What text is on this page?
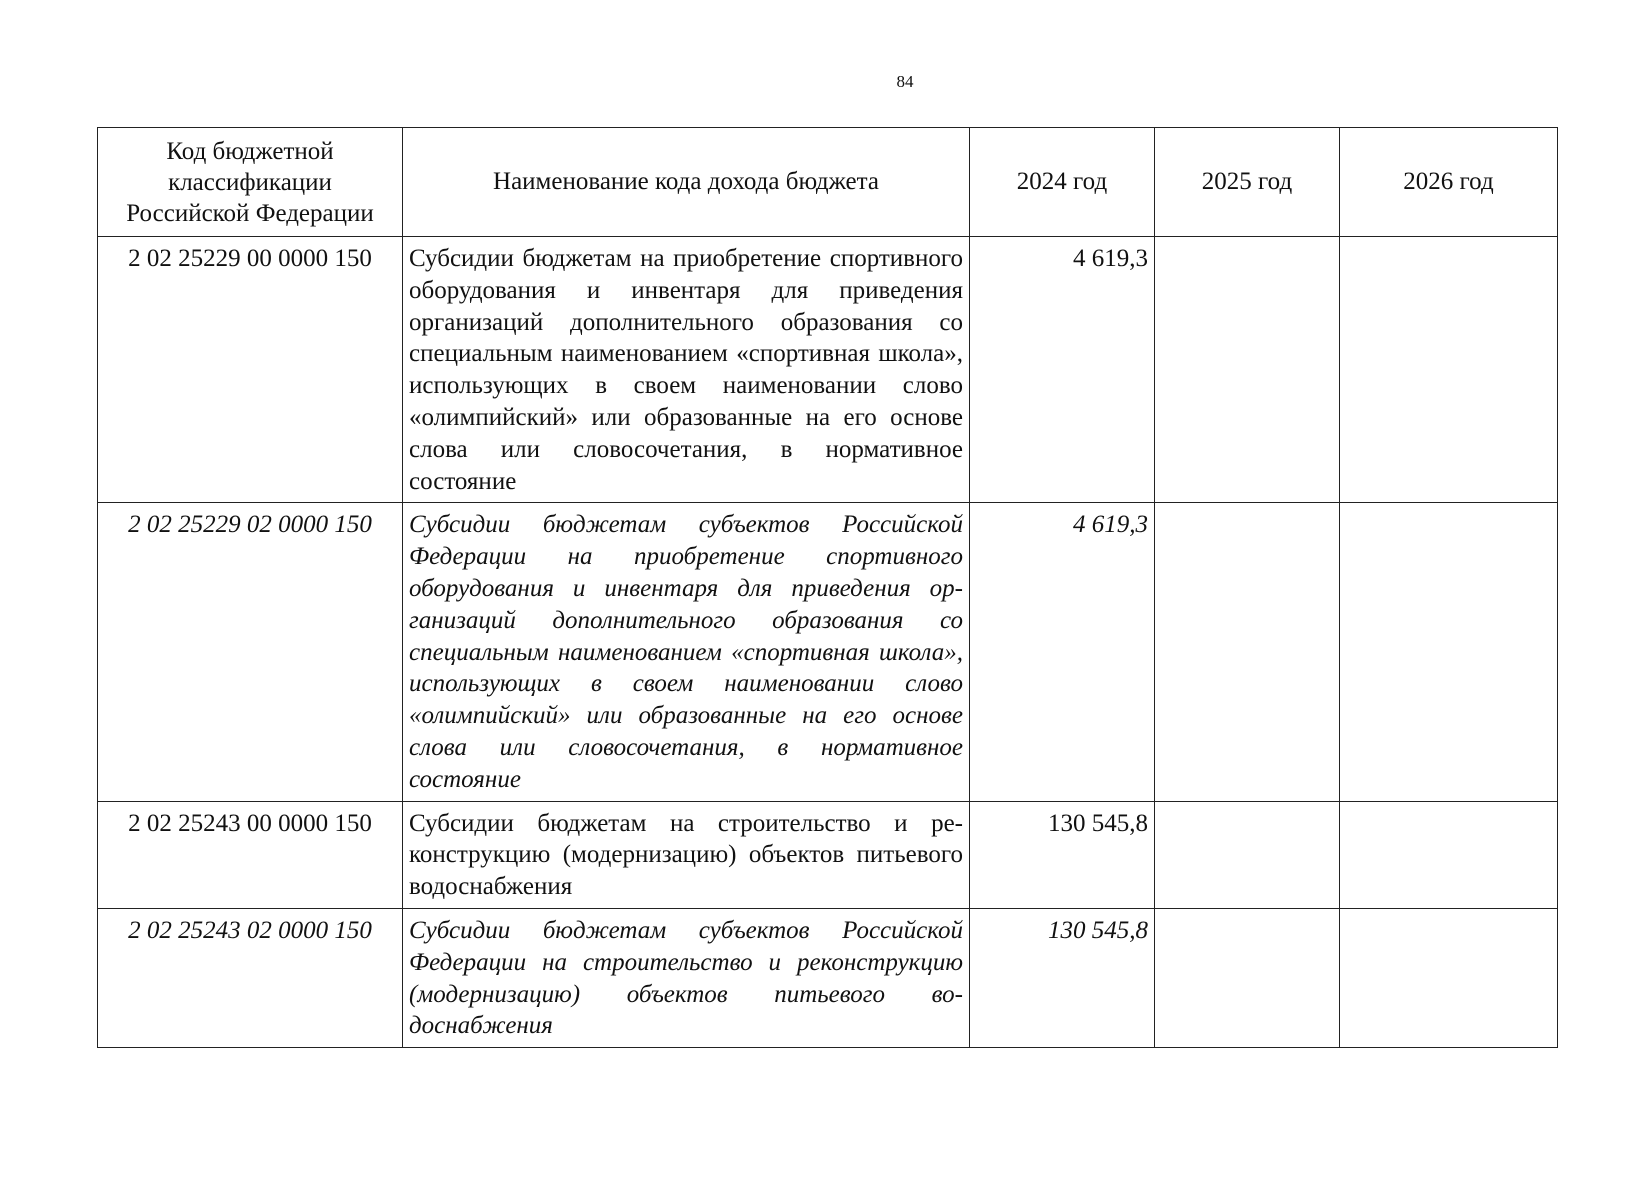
84
Код бюджетной классификации Российской Федерации	Наименование кода дохода бюджета	2024 год	2025 год	2026 год
2 02 25229 00 0000 150	Субсидии бюджетам на приобретение спортивного оборудования и инвентаря для приведения организаций дополнительного образования со специальным наименованием «спортивная школа», использующих в своем наименовании слово «олимпийский» или образованные на его основе слова или словосочетания, в нормативное состояние	4 619,3		
2 02 25229 02 0000 150	Субсидии бюджетам субъектов Российской Федерации на приобретение спортивного оборудования и инвентаря для приведения организаций дополнительного образования со специальным наименованием «спортивная школа», использующих в своем наименовании слово «олимпийский» или образованные на его основе слова или словосочетания, в нормативное состояние	4 619,3		
2 02 25243 00 0000 150	Субсидии бюджетам на строительство и реконструкцию (модернизацию) объектов питьевого водоснабжения	130 545,8		
2 02 25243 02 0000 150	Субсидии бюджетам субъектов Российской Федерации на строительство и реконструкцию (модернизацию) объектов питьевого водоснабжения	130 545,8		
